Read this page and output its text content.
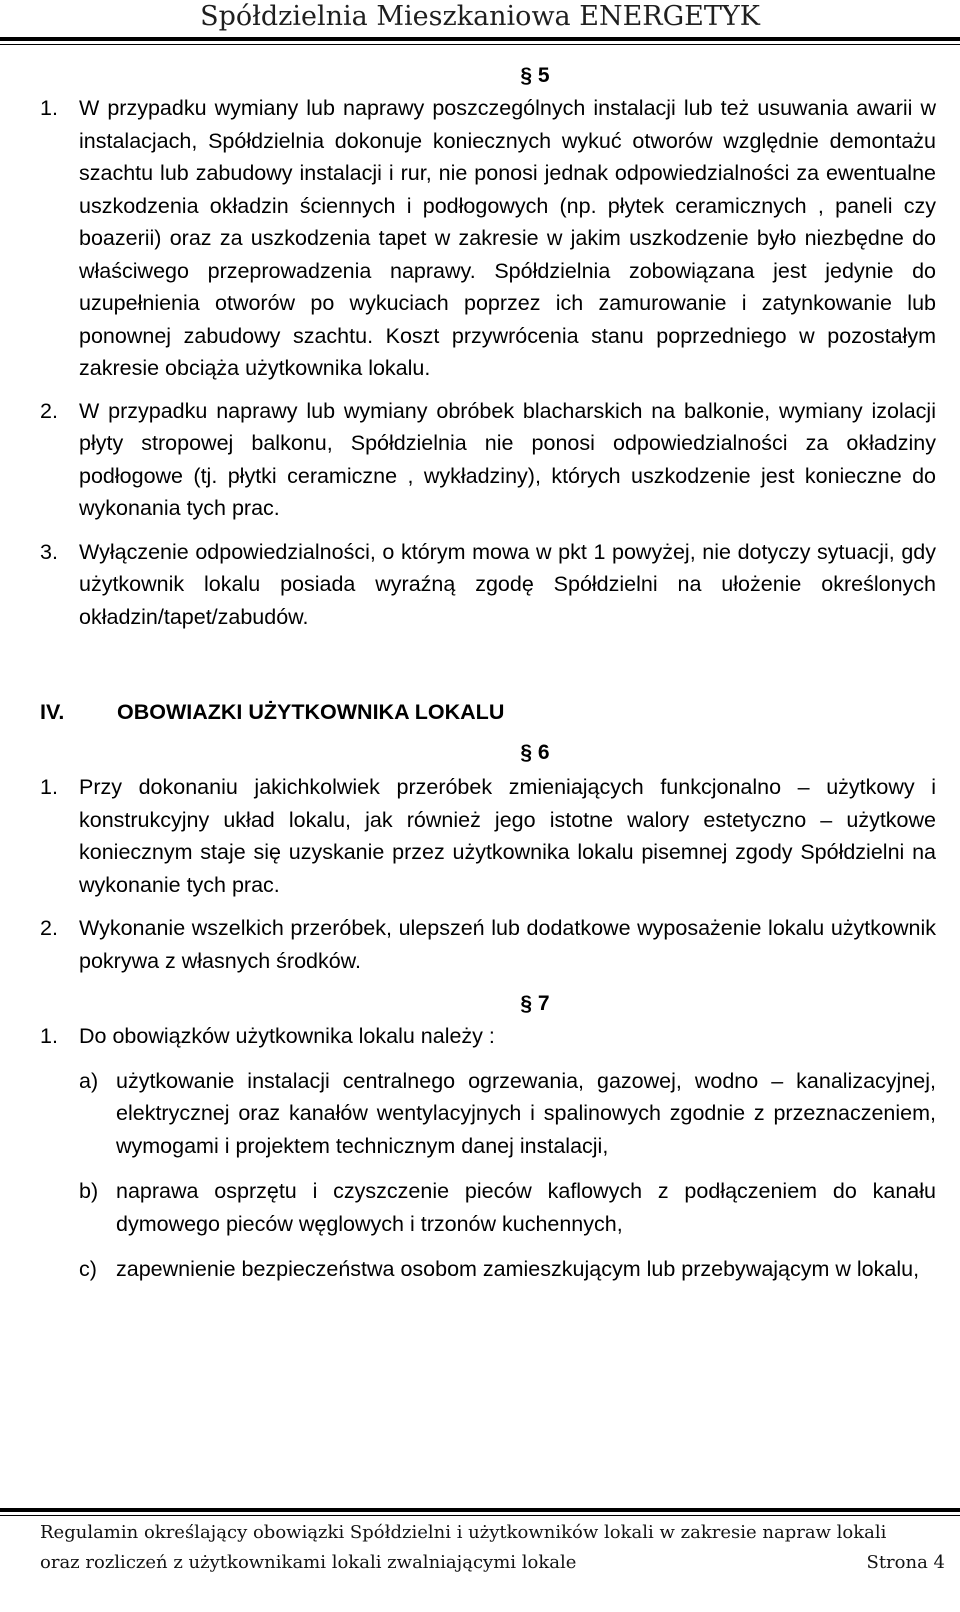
Spółdzielnia Mieszkaniowa ENERGETYK
§ 5
1. W przypadku wymiany lub naprawy poszczególnych instalacji lub też usuwania awarii w instalacjach, Spółdzielnia dokonuje koniecznych wykuć otworów względnie demontażu szachtu lub zabudowy instalacji i rur, nie ponosi jednak odpowiedzialności za ewentualne uszkodzenia okładzin ściennych i podłogowych (np. płytek ceramicznych , paneli czy boazerii) oraz za uszkodzenia tapet w zakresie w jakim uszkodzenie było niezbędne do właściwego przeprowadzenia naprawy. Spółdzielnia zobowiązana jest jedynie do uzupełnienia otworów po wykuciach poprzez ich zamurowanie i zatynkowanie lub ponownej zabudowy szachtu. Koszt przywrócenia stanu poprzedniego w pozostałym zakresie obciąża użytkownika lokalu.
2. W przypadku naprawy lub wymiany obróbek blacharskich na balkonie, wymiany izolacji płyty stropowej balkonu, Spółdzielnia nie ponosi odpowiedzialności za okładziny podłogowe (tj. płytki ceramiczne , wykładziny), których uszkodzenie jest konieczne do wykonania tych prac.
3. Wyłączenie odpowiedzialności, o którym mowa w pkt 1 powyżej, nie dotyczy sytuacji, gdy użytkownik lokalu posiada wyraźną zgodę Spółdzielni na ułożenie określonych okładzin/tapet/zabudów.
IV.	OBOWIAZKI UŻYTKOWNIKA LOKALU
§ 6
1. Przy dokonaniu jakichkolwiek przeróbek zmieniających funkcjonalno – użytkowy i konstrukcyjny układ lokalu, jak również jego istotne walory estetyczno – użytkowe koniecznym staje się uzyskanie przez użytkownika lokalu pisemnej zgody Spółdzielni na wykonanie tych prac.
2. Wykonanie wszelkich przeróbek, ulepszeń lub dodatkowe wyposażenie lokalu użytkownik pokrywa z własnych środków.
§ 7
1. Do obowiązków użytkownika lokalu należy :
a) użytkowanie instalacji centralnego ogrzewania, gazowej, wodno – kanalizacyjnej, elektrycznej oraz kanałów wentylacyjnych i spalinowych zgodnie z przeznaczeniem, wymogami i projektem technicznym danej instalacji,
b) naprawa osprzętu i czyszczenie pieców kaflowych z podłączeniem do kanału dymowego pieców węglowych i trzonów kuchennych,
c) zapewnienie bezpieczeństwa osobom zamieszkującym lub przebywającym w lokalu,
Regulamin określający obowiązki Spółdzielni i użytkowników lokali w zakresie napraw lokali
oraz rozliczeń z użytkownikami lokali zwalniającymi lokale	Strona 4
